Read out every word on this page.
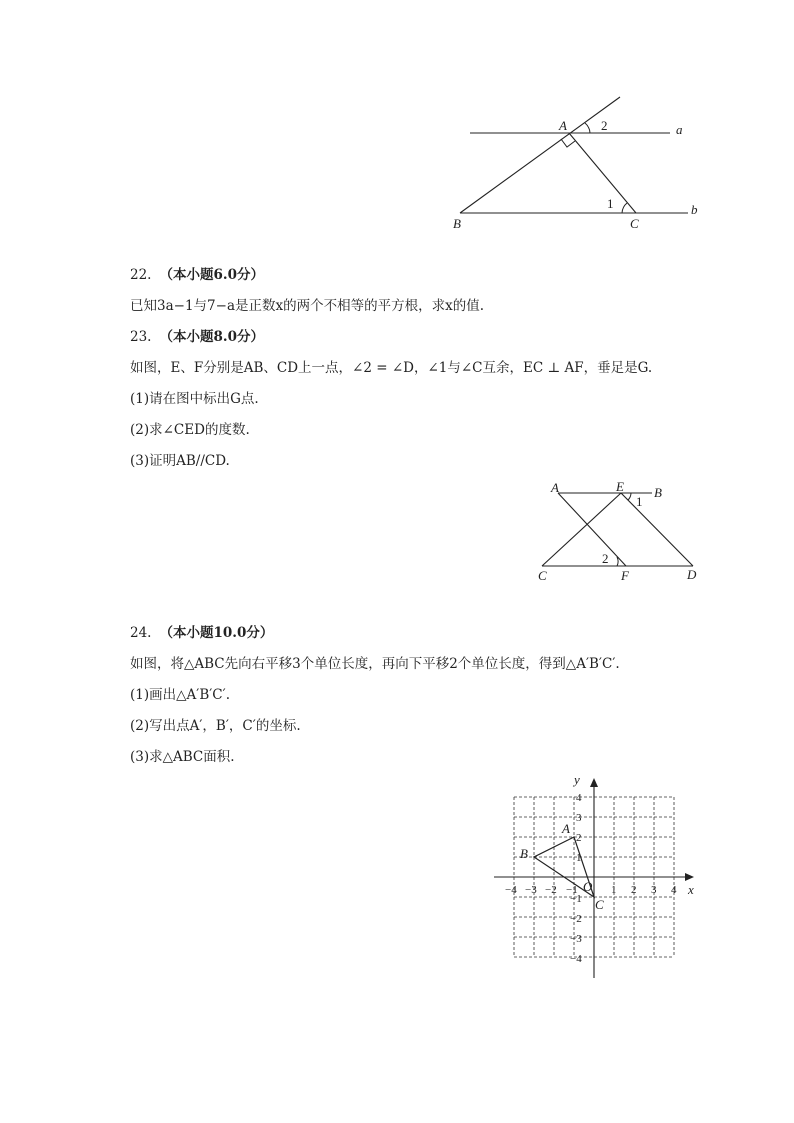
A	2	a
1	b
B	C
22. （本小题6.0分）
已知3a−1与7−a是正数x的两个不相等的平方根，求x的值.
23. （本小题8.0分）
如图，E、F分别是AB、CD上一点，∠2 = ∠D，∠1与∠C互余，EC ⊥ AF，垂足是G.
(1)请在图中标出G点.
(2)求∠CED的度数.
(3)证明AB//CD.
A	E B
1
2
C	F	D
24. （本小题10.0分）
如图，将△ABC先向右平移3个单位长度，再向下平移2个单位长度，得到△A′B′C′.
(1)画出△A′B′C′.
(2)写出点A′，B′，C′的坐标.
(3)求△ABC面积.
x
y
O
−4 −3 −2 −1	1 2 3 4
4
3
2
1
−1
−2
−3
−4
A
B
C
